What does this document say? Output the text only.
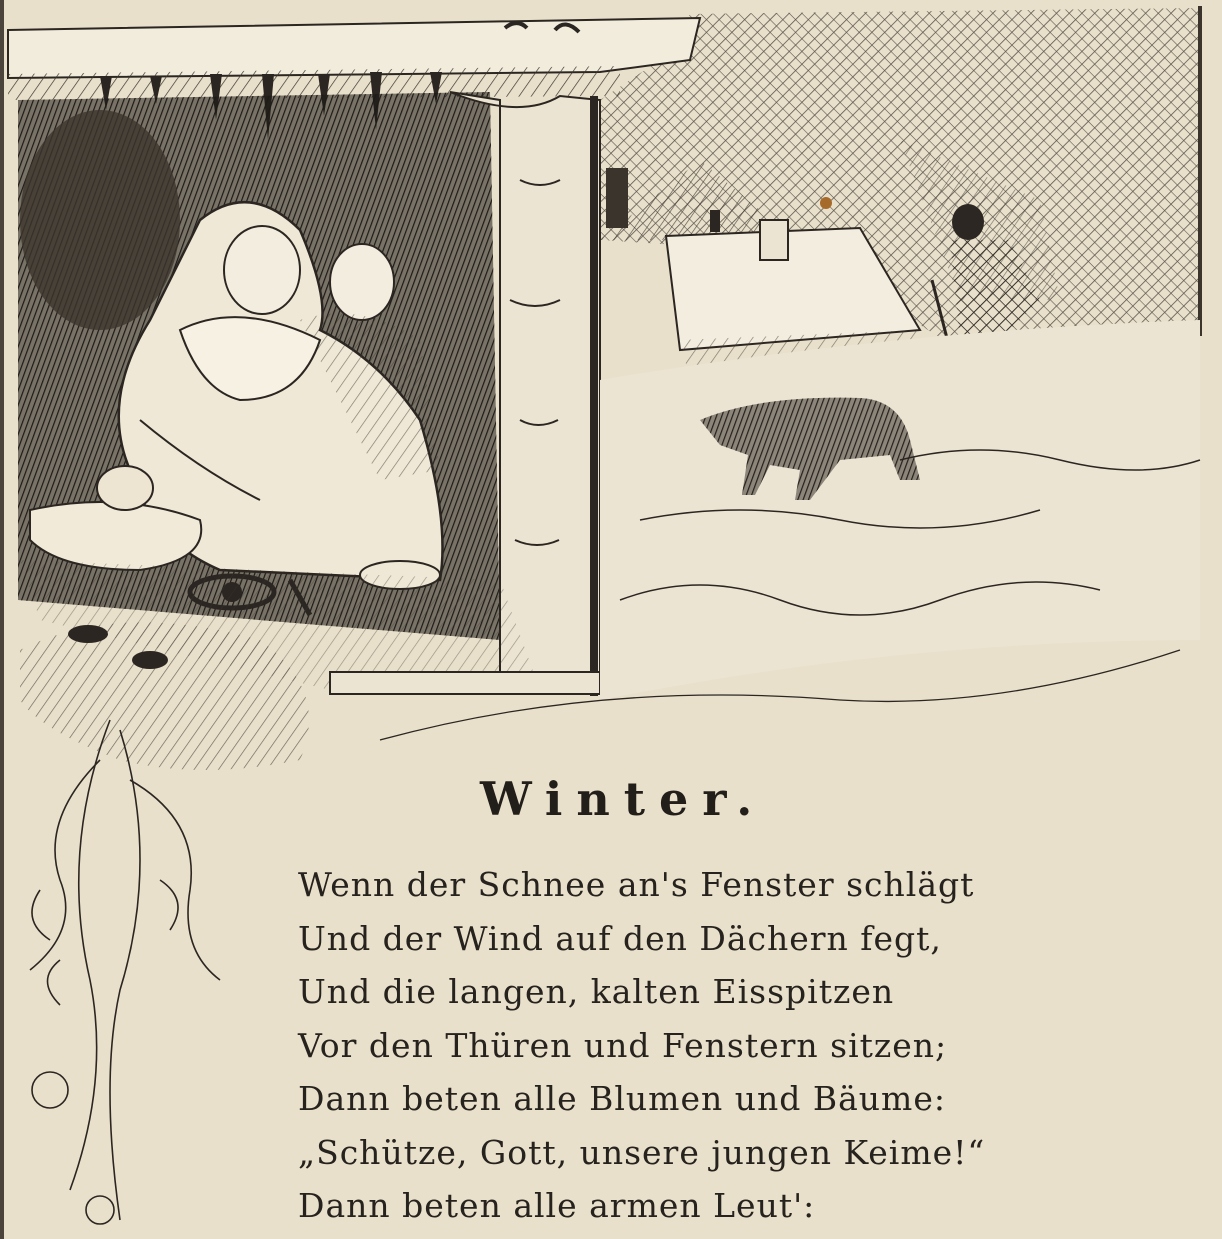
Winter.
Wenn der Schnee an's Fenster schlägt
Und der Wind auf den Dächern fegt,
Und die langen, kalten Eisspitzen
Vor den Thüren und Fenstern sitzen;
Dann beten alle Blumen und Bäume:
„Schütze, Gott, unsere jungen Keime!“
Dann beten alle armen Leut':
